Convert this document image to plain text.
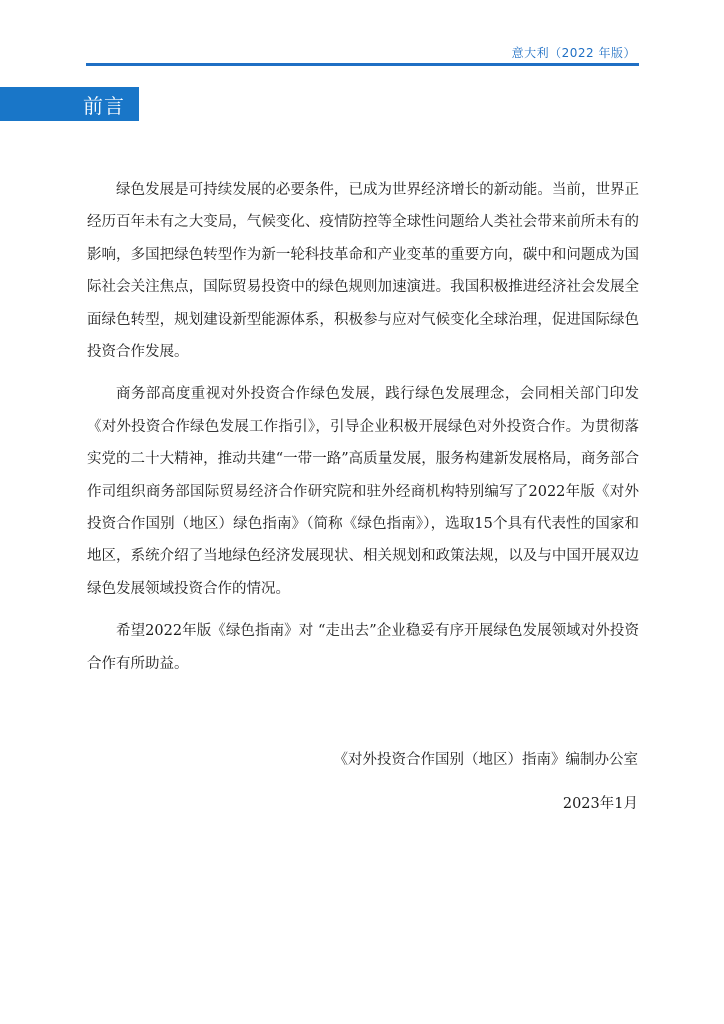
意大利（2022 年版）
前言

绿色发展是可持续发展的必要条件，已成为世界经济增长的新动能。当前，世界正经历百年未有之大变局，气候变化、疫情防控等全球性问题给人类社会带来前所未有的影响，多国把绿色转型作为新一轮科技革命和产业变革的重要方向，碳中和问题成为国际社会关注焦点，国际贸易投资中的绿色规则加速演进。我国积极推进经济社会发展全面绿色转型，规划建设新型能源体系，积极参与应对气候变化全球治理，促进国际绿色投资合作发展。

商务部高度重视对外投资合作绿色发展，践行绿色发展理念，会同相关部门印发《对外投资合作绿色发展工作指引》，引导企业积极开展绿色对外投资合作。为贯彻落实党的二十大精神，推动共建“一带一路”高质量发展，服务构建新发展格局，商务部合作司组织商务部国际贸易经济合作研究院和驻外经商机构特别编写了2022年版《对外投资合作国别（地区）绿色指南》（简称《绿色指南》），选取15个具有代表性的国家和地区，系统介绍了当地绿色经济发展现状、相关规划和政策法规，以及与中国开展双边绿色发展领域投资合作的情况。

希望2022年版《绿色指南》对 “走出去”企业稳妥有序开展绿色发展领域对外投资合作有所助益。

《对外投资合作国别（地区）指南》编制办公室
2023年1月
